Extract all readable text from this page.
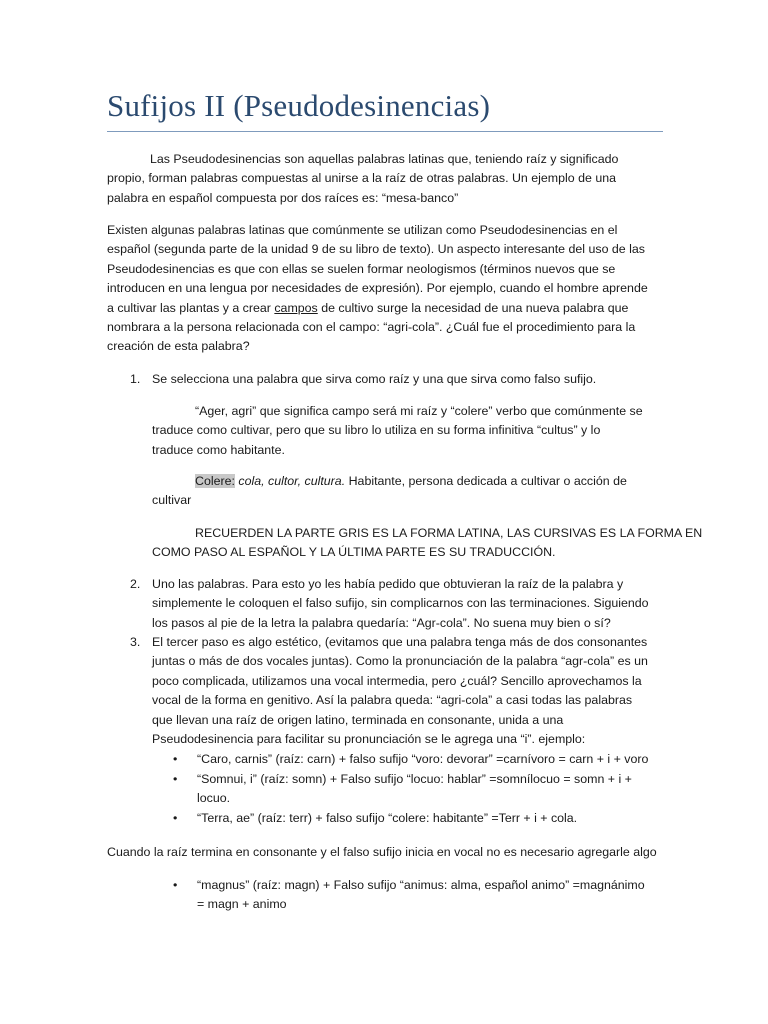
Sufijos II (Pseudodesinencias)
Las Pseudodesinencias son aquellas palabras latinas que, teniendo raíz y significado
propio, forman palabras compuestas al unirse a la raíz de otras palabras. Un ejemplo de una
palabra en español compuesta por dos raíces es: “mesa-banco”
Existen algunas palabras latinas que comúnmente se utilizan como Pseudodesinencias en el
español (segunda parte de la unidad 9 de su libro de texto). Un aspecto interesante del uso de las
Pseudodesinencias es que con ellas se suelen formar neologismos (términos nuevos que se
introducen en una lengua por necesidades de expresión). Por ejemplo, cuando el hombre aprende
a cultivar las plantas y a crear campos de cultivo surge la necesidad de una nueva palabra que
nombrara a la persona relacionada con el campo: “agri-cola”. ¿Cuál fue el procedimiento para la
creación de esta palabra?
1. Se selecciona una palabra que sirva como raíz y una que sirva como falso sufijo.
“Ager, agri” que significa campo será mi raíz y “colere” verbo que comúnmente se
traduce como cultivar, pero que su libro lo utiliza en su forma infinitiva “cultus” y lo
traduce como habitante.
Colere: cola, cultor, cultura. Habitante, persona dedicada a cultivar o acción de
cultivar
RECUERDEN LA PARTE GRIS ES LA FORMA LATINA, LAS CURSIVAS ES LA FORMA EN
COMO PASO AL ESPAÑOL Y LA ÚLTIMA PARTE ES SU TRADUCCIÓN.
2. Uno las palabras. Para esto yo les había pedido que obtuvieran la raíz de la palabra y
simplemente le coloquen el falso sufijo, sin complicarnos con las terminaciones. Siguiendo
los pasos al pie de la letra la palabra quedaría: “Agr-cola”. No suena muy bien o sí?
3. El tercer paso es algo estético, (evitamos que una palabra tenga más de dos consonantes
juntas o más de dos vocales juntas). Como la pronunciación de la palabra “agr-cola” es un
poco complicada, utilizamos una vocal intermedia, pero ¿cuál? Sencillo aprovechamos la
vocal de la forma en genitivo. Así la palabra queda: “agri-cola” a casi todas las palabras
que llevan una raíz de origen latino, terminada en consonante, unida a una
Pseudodesinencia para facilitar su pronunciación se le agrega una “i”. ejemplo:
•	“Caro, carnis” (raíz: carn) + falso sufijo “voro: devorar” =carnívoro = carn + i + voro
•	“Somnui, i” (raíz: somn) + Falso sufijo “locuo: hablar” =somnílocuo = somn + i +
locuo.
•	“Terra, ae” (raíz: terr) + falso sufijo “colere: habitante” =Terr + i + cola.
Cuando la raíz termina en consonante y el falso sufijo inicia en vocal no es necesario agregarle algo
•	“magnus” (raíz: magn) + Falso sufijo “animus: alma, español animo” =magnánimo
= magn + animo
